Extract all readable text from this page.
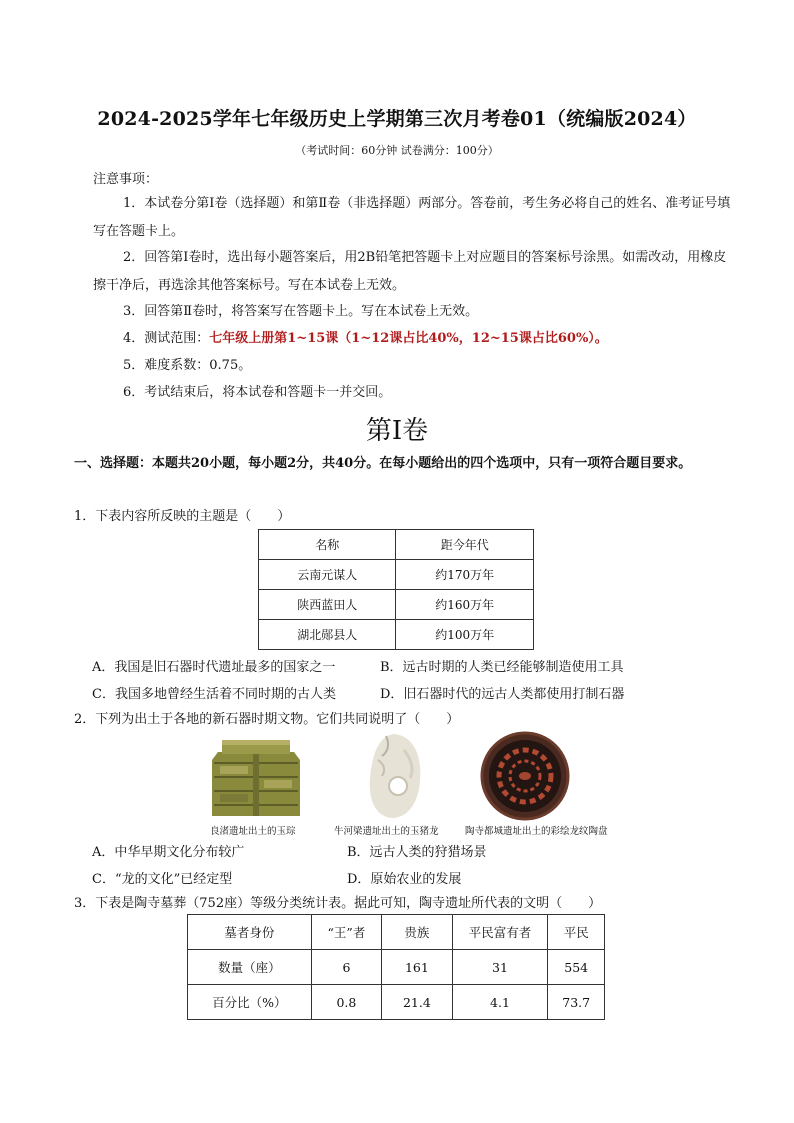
2024-2025学年七年级历史上学期第三次月考卷01（统编版2024）
（考试时间：60分钟 试卷满分：100分）
注意事项：
1．本试卷分第Ⅰ卷（选择题）和第Ⅱ卷（非选择题）两部分。答卷前，考生务必将自己的姓名、准考证号填写在答题卡上。
2．回答第Ⅰ卷时，选出每小题答案后，用2B铅笔把答题卡上对应题目的答案标号涂黑。如需改动，用橡皮擦干净后，再选涂其他答案标号。写在本试卷上无效。
3．回答第Ⅱ卷时，将答案写在答题卡上。写在本试卷上无效。
4．测试范围：七年级上册第1~15课（1~12课占比40%，12~15课占比60%）。
5．难度系数：0.75。
6．考试结束后，将本试卷和答题卡一并交回。
第Ⅰ卷
一、选择题：本题共20小题，每小题2分，共40分。在每小题给出的四个选项中，只有一项符合题目要求。
1．下表内容所反映的主题是（　　）
名称	距今年代
云南元谋人	约170万年
陕西蓝田人	约160万年
湖北郧县人	约100万年
A．我国是旧石器时代遗址最多的国家之一	B．远古时期的人类已经能够制造使用工具
C．我国多地曾经生活着不同时期的古人类	D．旧石器时代的远古人类都使用打制石器
2．下列为出土于各地的新石器时期文物。它们共同说明了（　　）
良渚遗址出土的玉琮	牛河梁遗址出土的玉猪龙	陶寺都城遗址出土的彩绘龙纹陶盘
A．中华早期文化分布较广	B．远古人类的狩猎场景
C．“龙的文化”已经定型	D．原始农业的发展
3．下表是陶寺墓葬（752座）等级分类统计表。据此可知，陶寺遗址所代表的文明（　　）
墓者身份	“王”者	贵族	平民富有者	平民
数量（座）	6	161	31	554
百分比（%）	0.8	21.4	4.1	73.7
